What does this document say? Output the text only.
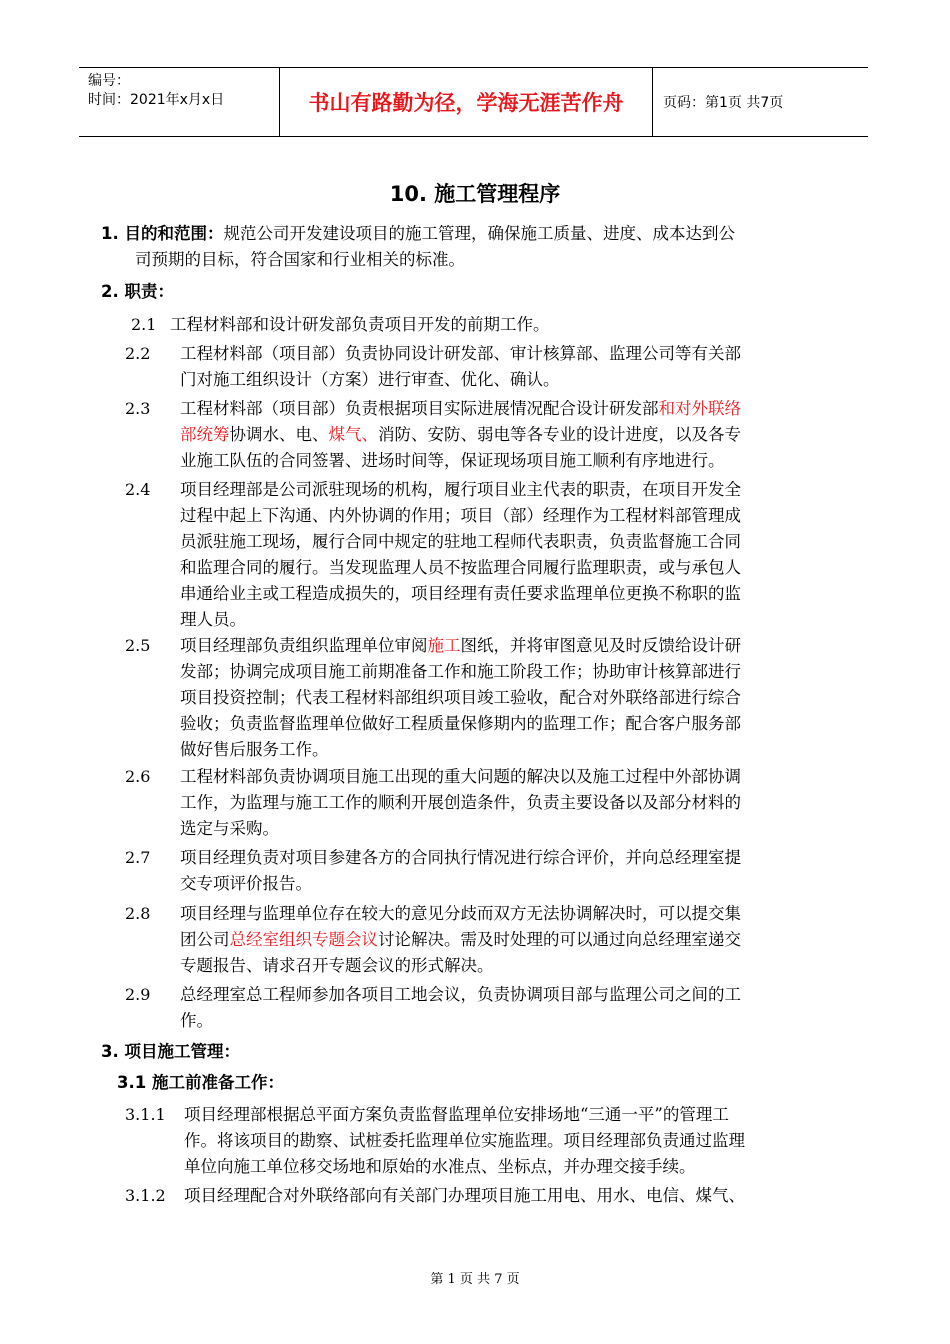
编号：
时间：2021年x月x日	书山有路勤为径，学海无涯苦作舟	页码：第1页 共7页
10. 施工管理程序
1. 目的和范围：规范公司开发建设项目的施工管理，确保施工质量、进度、成本达到公
司预期的目标，符合国家和行业相关的标准。
2. 职责：
2.1 工程材料部和设计研发部负责项目开发的前期工作。
2.2 工程材料部（项目部）负责协同设计研发部、审计核算部、监理公司等有关部
门对施工组织设计（方案）进行审查、优化、确认。
2.3 工程材料部（项目部）负责根据项目实际进展情况配合设计研发部和对外联络
部统筹协调水、电、煤气、消防、安防、弱电等各专业的设计进度，以及各专
业施工队伍的合同签署、进场时间等，保证现场项目施工顺利有序地进行。
2.4 项目经理部是公司派驻现场的机构，履行项目业主代表的职责，在项目开发全
过程中起上下沟通、内外协调的作用；项目（部）经理作为工程材料部管理成
员派驻施工现场，履行合同中规定的驻地工程师代表职责，负责监督施工合同
和监理合同的履行。当发现监理人员不按监理合同履行监理职责，或与承包人
串通给业主或工程造成损失的，项目经理有责任要求监理单位更换不称职的监
理人员。
2.5 项目经理部负责组织监理单位审阅施工图纸，并将审图意见及时反馈给设计研
发部；协调完成项目施工前期准备工作和施工阶段工作；协助审计核算部进行
项目投资控制；代表工程材料部组织项目竣工验收，配合对外联络部进行综合
验收；负责监督监理单位做好工程质量保修期内的监理工作；配合客户服务部
做好售后服务工作。
2.6 工程材料部负责协调项目施工出现的重大问题的解决以及施工过程中外部协调
工作，为监理与施工工作的顺利开展创造条件，负责主要设备以及部分材料的
选定与采购。
2.7 项目经理负责对项目参建各方的合同执行情况进行综合评价，并向总经理室提
交专项评价报告。
2.8 项目经理与监理单位存在较大的意见分歧而双方无法协调解决时，可以提交集
团公司总经室组织专题会议讨论解决。需及时处理的可以通过向总经理室递交
专题报告、请求召开专题会议的形式解决。
2.9 总经理室总工程师参加各项目工地会议，负责协调项目部与监理公司之间的工
作。
3. 项目施工管理：
3.1 施工前准备工作：
3.1.1 项目经理部根据总平面方案负责监督监理单位安排场地“三通一平”的管理工
作。将该项目的勘察、试桩委托监理单位实施监理。项目经理部负责通过监理
单位向施工单位移交场地和原始的水准点、坐标点，并办理交接手续。
3.1.2 项目经理配合对外联络部向有关部门办理项目施工用电、用水、电信、煤气、
第 1 页 共 7 页
